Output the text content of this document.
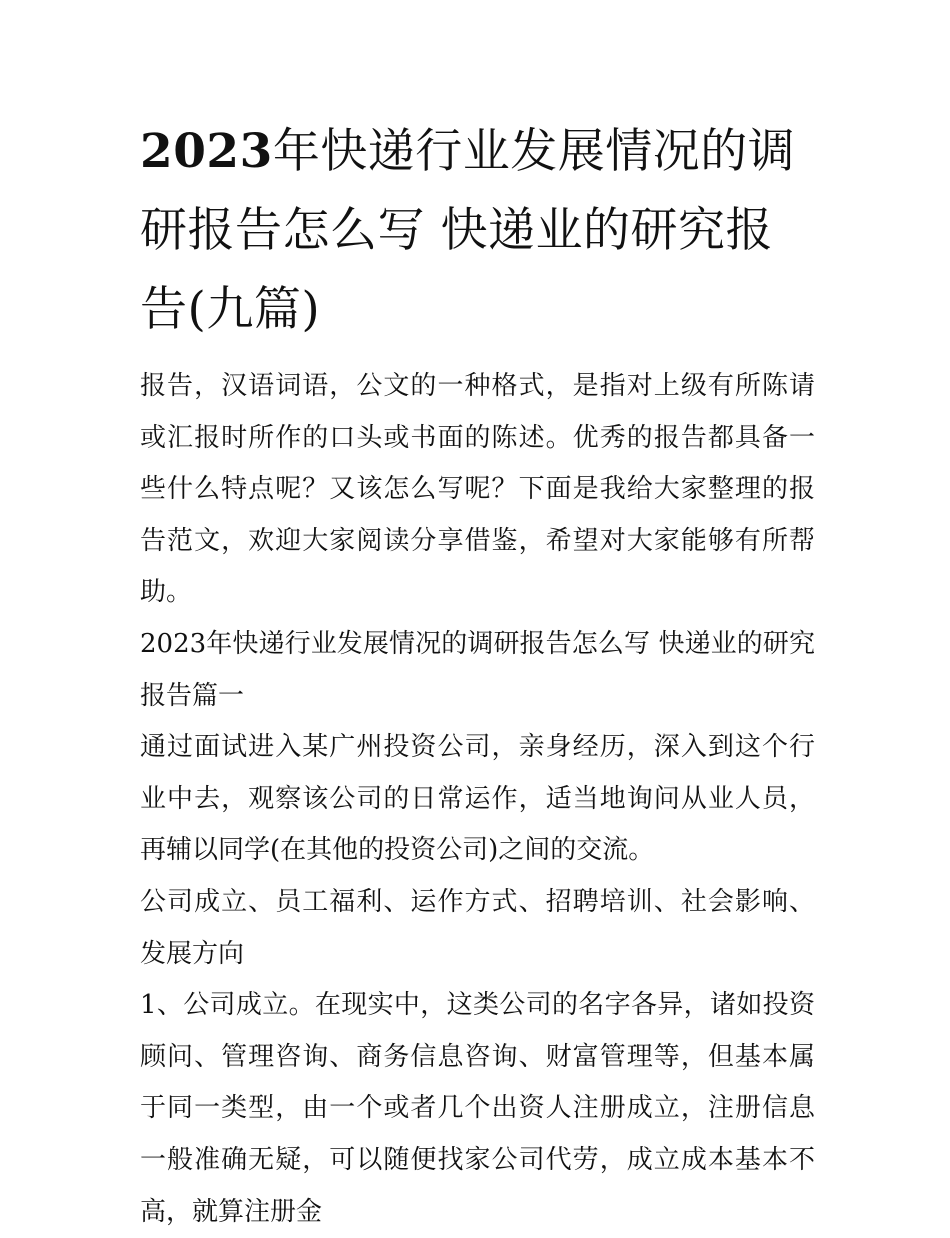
2023年快递行业发展情况的调研报告怎么写 快递业的研究报告(九篇)

报告，汉语词语，公文的一种格式，是指对上级有所陈请或汇报时所作的口头或书面的陈述。优秀的报告都具备一些什么特点呢？又该怎么写呢？下面是我给大家整理的报告范文，欢迎大家阅读分享借鉴，希望对大家能够有所帮助。

2023年快递行业发展情况的调研报告怎么写 快递业的研究报告篇一

通过面试进入某广州投资公司，亲身经历，深入到这个行业中去，观察该公司的日常运作，适当地询问从业人员，再辅以同学(在其他的投资公司)之间的交流。

公司成立、员工福利、运作方式、招聘培训、社会影响、发展方向

1、公司成立。在现实中，这类公司的名字各异，诸如投资顾问、管理咨询、商务信息咨询、财富管理等，但基本属于同一类型，由一个或者几个出资人注册成立，注册信息一般准确无疑，可以随便找家公司代劳，成立成本基本不高，就算注册金
